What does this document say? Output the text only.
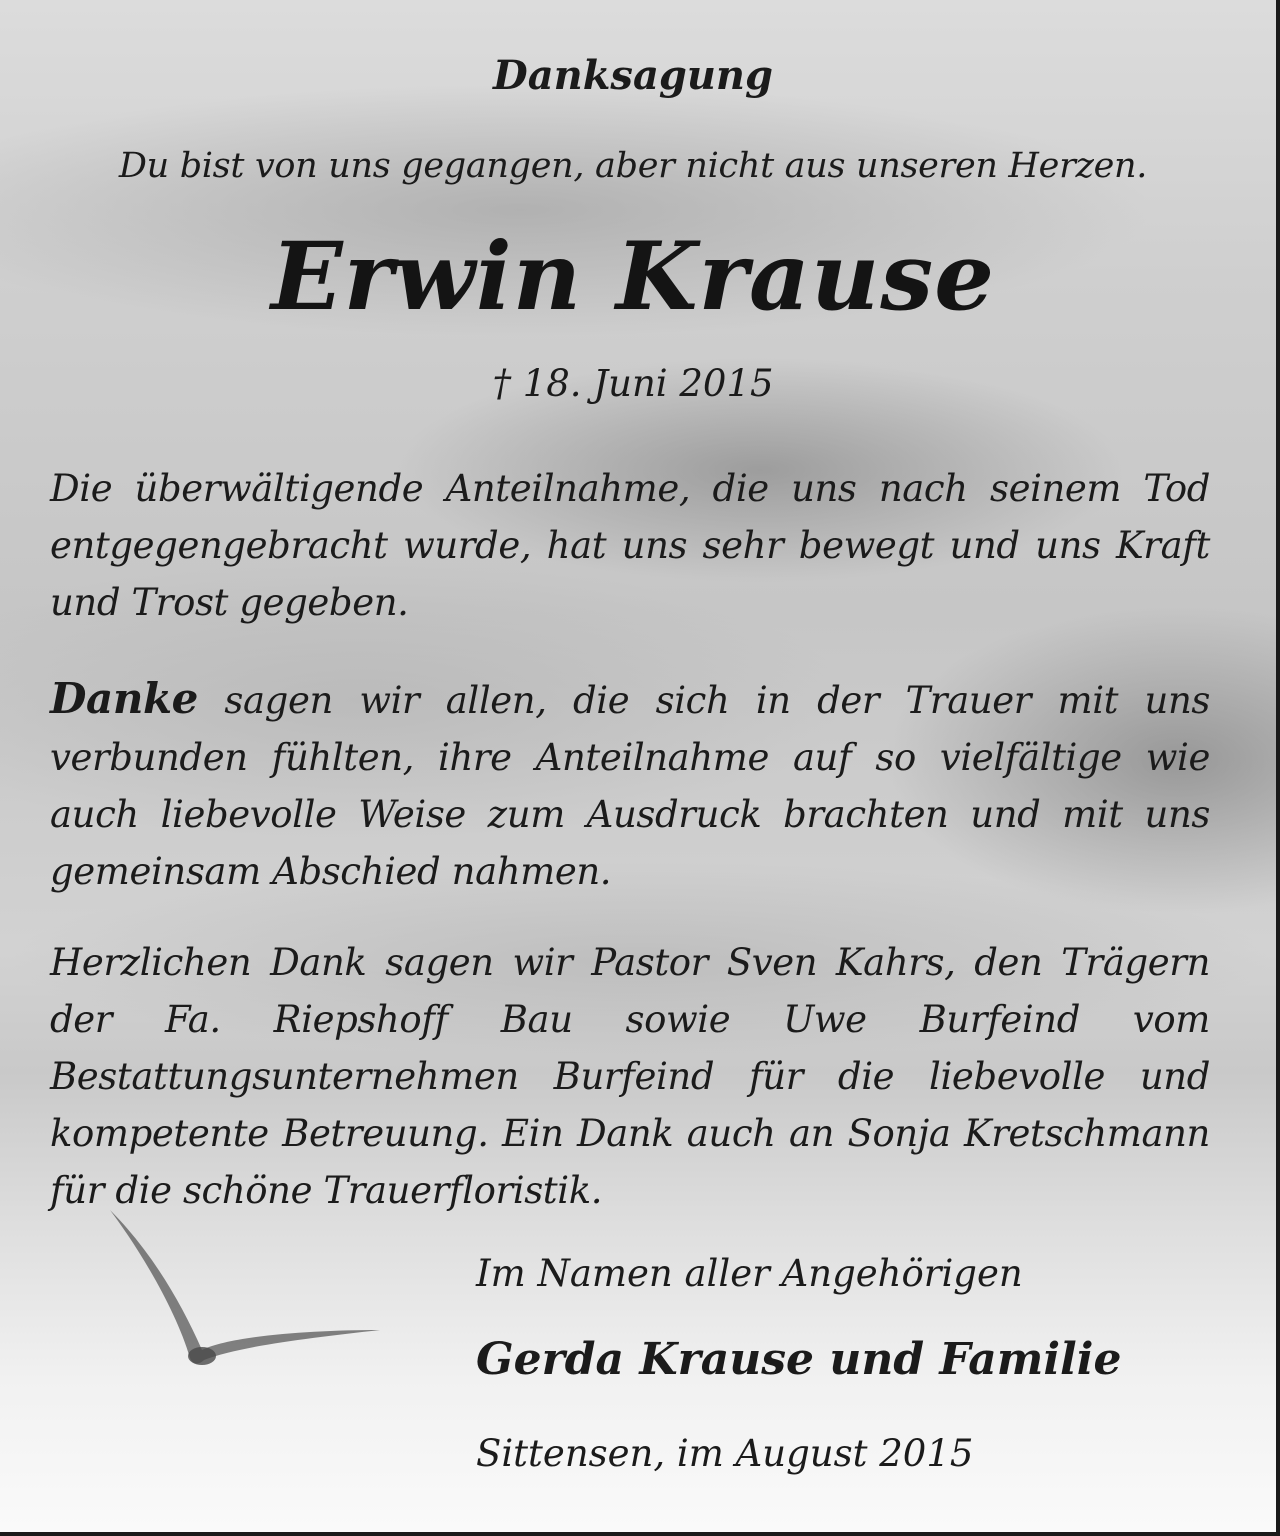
Danksagung

Du bist von uns gegangen, aber nicht aus unseren Herzen.

Erwin Krause

† 18. Juni 2015

Die überwältigende Anteilnahme, die uns nach seinem Tod entgegengebracht wurde, hat uns sehr bewegt und uns Kraft und Trost gegeben.

Danke sagen wir allen, die sich in der Trauer mit uns verbunden fühlten, ihre Anteilnahme auf so vielfältige wie auch liebevolle Weise zum Ausdruck brachten und mit uns gemeinsam Abschied nahmen.

Herzlichen Dank sagen wir Pastor Sven Kahrs, den Trägern der Fa. Riepshoff Bau sowie Uwe Burfeind vom Bestattungsunternehmen Burfeind für die liebevolle und kompetente Betreuung. Ein Dank auch an Sonja Kretschmann für die schöne Trauerfloristik.

Im Namen aller Angehörigen

Gerda Krause und Familie

Sittensen, im August 2015
